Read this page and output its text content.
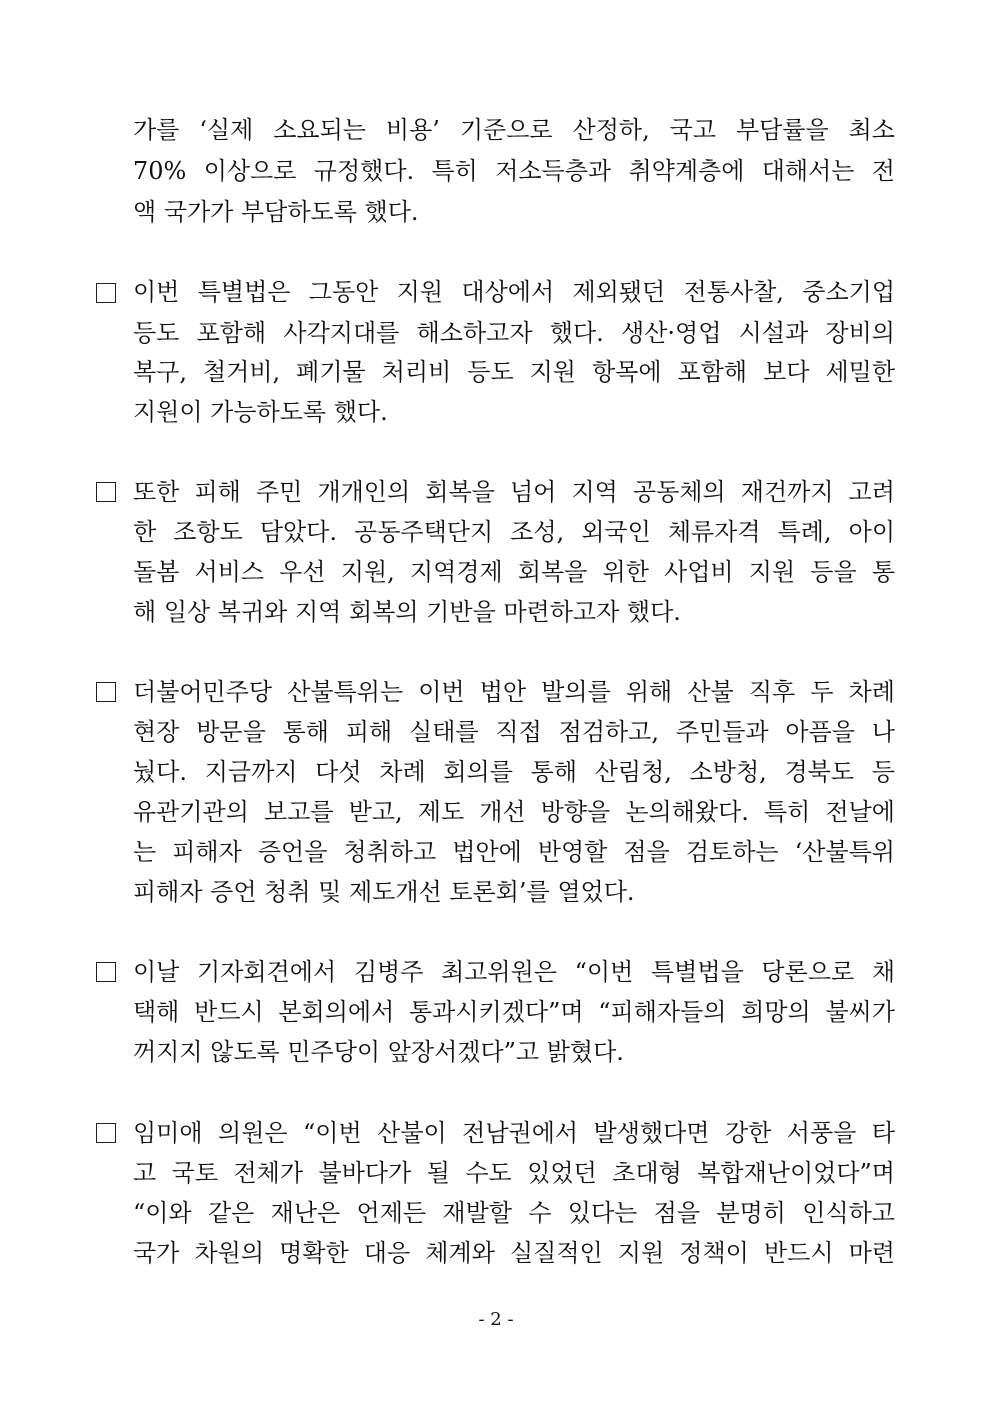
가를 ‘실제 소요되는 비용’ 기준으로 산정하, 국고 부담률을 최소
70% 이상으로 규정했다. 특히 저소득층과 취약계층에 대해서는 전
액 국가가 부담하도록 했다.
이번 특별법은 그동안 지원 대상에서 제외됐던 전통사찰, 중소기업
등도 포함해 사각지대를 해소하고자 했다. 생산·영업 시설과 장비의
복구, 철거비, 폐기물 처리비 등도 지원 항목에 포함해 보다 세밀한
지원이 가능하도록 했다.
또한 피해 주민 개개인의 회복을 넘어 지역 공동체의 재건까지 고려
한 조항도 담았다. 공동주택단지 조성, 외국인 체류자격 특례, 아이
돌봄 서비스 우선 지원, 지역경제 회복을 위한 사업비 지원 등을 통
해 일상 복귀와 지역 회복의 기반을 마련하고자 했다.
더불어민주당 산불특위는 이번 법안 발의를 위해 산불 직후 두 차례
현장 방문을 통해 피해 실태를 직접 점검하고, 주민들과 아픔을 나
눴다. 지금까지 다섯 차례 회의를 통해 산림청, 소방청, 경북도 등
유관기관의 보고를 받고, 제도 개선 방향을 논의해왔다. 특히 전날에
는 피해자 증언을 청취하고 법안에 반영할 점을 검토하는 ‘산불특위
피해자 증언 청취 및 제도개선 토론회’를 열었다.
이날 기자회견에서 김병주 최고위원은 “이번 특별법을 당론으로 채
택해 반드시 본회의에서 통과시키겠다”며 “피해자들의 희망의 불씨가
꺼지지 않도록 민주당이 앞장서겠다”고 밝혔다.
임미애 의원은 “이번 산불이 전남권에서 발생했다면 강한 서풍을 타
고 국토 전체가 불바다가 될 수도 있었던 초대형 복합재난이었다”며
“이와 같은 재난은 언제든 재발할 수 있다는 점을 분명히 인식하고
국가 차원의 명확한 대응 체계와 실질적인 지원 정책이 반드시 마련
- 2 -
